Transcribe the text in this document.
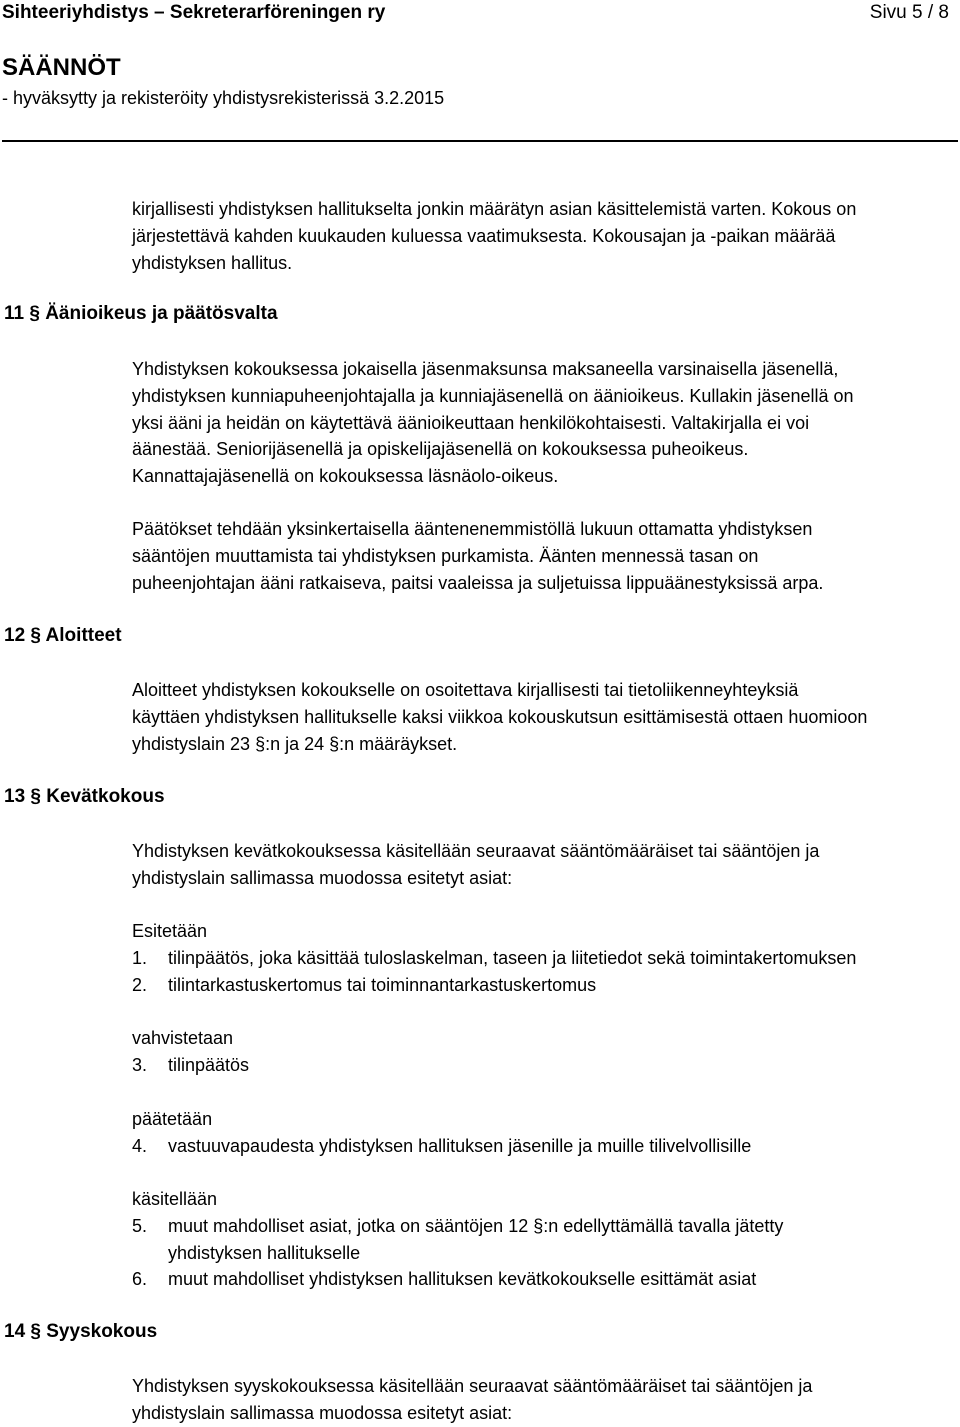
Sihteeriyhdistys – Sekreterarföreningen ry	Sivu 5 / 8
SÄÄNNÖT
- hyväksytty ja rekisteröity yhdistysrekisterissä 3.2.2015
kirjallisesti yhdistyksen hallitukselta jonkin määrätyn asian käsittelemistä varten. Kokous on
järjestettävä kahden kuukauden kuluessa vaatimuksesta. Kokousajan ja -paikan määrää
yhdistyksen hallitus.
11 § Äänioikeus ja päätösvalta
Yhdistyksen kokouksessa jokaisella jäsenmaksunsa maksaneella varsinaisella jäsenellä,
yhdistyksen kunniapuheenjohtajalla ja kunniajäsenellä on äänioikeus. Kullakin jäsenellä on
yksi ääni ja heidän on käytettävä äänioikeuttaan henkilökohtaisesti. Valtakirjalla ei voi
äänestää. Seniorijäsenellä ja opiskelijajäsenellä on kokouksessa puheoikeus.
Kannattajajäsenellä on kokouksessa läsnäolo-oikeus.
Päätökset tehdään yksinkertaisella ääntenenemmistöllä lukuun ottamatta yhdistyksen
sääntöjen muuttamista tai yhdistyksen purkamista. Äänten mennessä tasan on
puheenjohtajan ääni ratkaiseva, paitsi vaaleissa ja suljetuissa lippuäänestyksissä arpa.
12 § Aloitteet
Aloitteet yhdistyksen kokoukselle on osoitettava kirjallisesti tai tietoliikenneyhteyksiä
käyttäen yhdistyksen hallitukselle kaksi viikkoa kokouskutsun esittämisestä ottaen huomioon
yhdistyslain 23 §:n ja 24 §:n määräykset.
13 § Kevätkokous
Yhdistyksen kevätkokouksessa käsitellään seuraavat sääntömääräiset tai sääntöjen ja
yhdistyslain sallimassa muodossa esitetyt asiat:
Esitetään
1. tilinpäätös, joka käsittää tuloslaskelman, taseen ja liitetiedot sekä toimintakertomuksen
2. tilintarkastuskertomus tai toiminnantarkastuskertomus
vahvistetaan
3. tilinpäätös
päätetään
4. vastuuvapaudesta yhdistyksen hallituksen jäsenille ja muille tilivelvollisille
käsitellään
5. muut mahdolliset asiat, jotka on sääntöjen 12 §:n edellyttämällä tavalla jätetty
yhdistyksen hallitukselle
6. muut mahdolliset yhdistyksen hallituksen kevätkokoukselle esittämät asiat
14 § Syyskokous
Yhdistyksen syyskokouksessa käsitellään seuraavat sääntömääräiset tai sääntöjen ja
yhdistyslain sallimassa muodossa esitetyt asiat:
